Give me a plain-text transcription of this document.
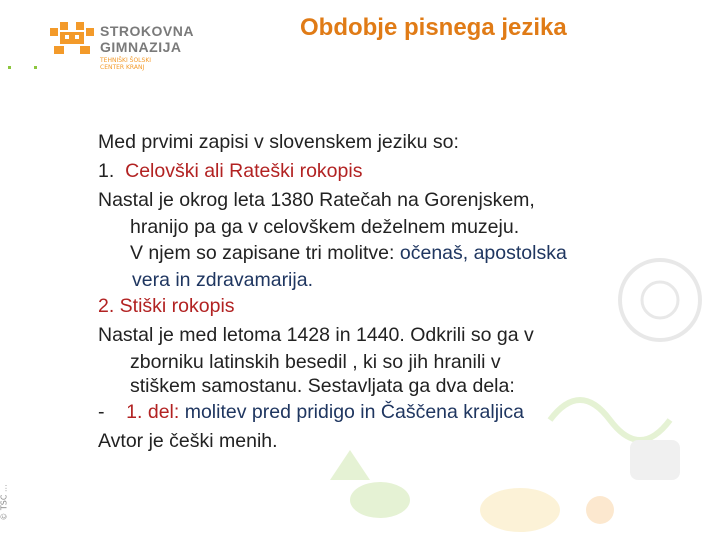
STROKOVNA
GIMNAZIJA
TEHNIŠKI ŠOLSKI
CENTER KRANJ
Obdobje pisnega jezika
© TŠC ...
Med prvimi zapisi v slovenskem jeziku so:
1. Celovški ali Rateški rokopis
Nastal je okrog leta 1380 Ratečah na Gorenjskem,
hranijo pa ga v celovškem deželnem muzeju.
V njem so zapisane tri molitve: očenaš, apostolska
vera in zdravamarija.
2. Stiški rokopis
Nastal je med letoma 1428 in 1440. Odkrili so ga v
zborniku latinskih besedil , ki so jih hranili v
stiškem samostanu. Sestavljata ga dva dela:
- 1. del: molitev pred pridigo in Čaščena kraljica
Avtor je češki menih.
